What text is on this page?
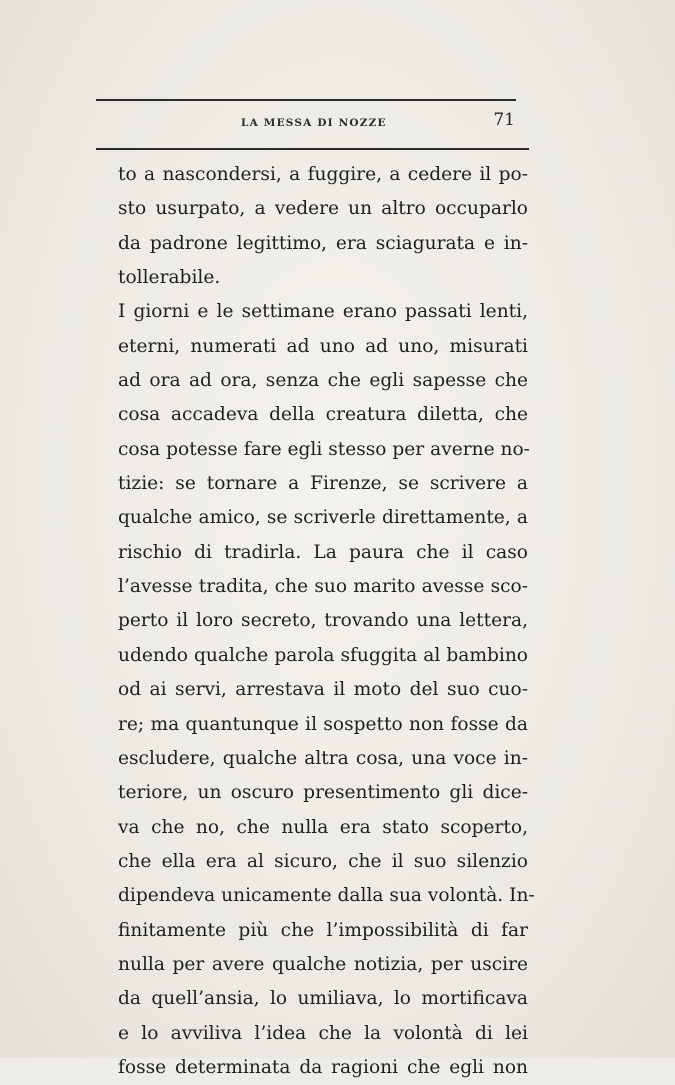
LA MESSA DI NOZZE	71
to a nascondersi, a fuggire, a cedere il po-
sto usurpato, a vedere un altro occuparlo
da padrone legittimo, era sciagurata e in-
tollerabile.
I giorni e le settimane erano passati lenti,
eterni, numerati ad uno ad uno, misurati
ad ora ad ora, senza che egli sapesse che
cosa accadeva della creatura diletta, che
cosa potesse fare egli stesso per averne no-
tizie: se tornare a Firenze, se scrivere a
qualche amico, se scriverle direttamente, a
rischio di tradirla. La paura che il caso
l’avesse tradita, che suo marito avesse sco-
perto il loro secreto, trovando una lettera,
udendo qualche parola sfuggita al bambino
od ai servi, arrestava il moto del suo cuo-
re; ma quantunque il sospetto non fosse da
escludere, qualche altra cosa, una voce in-
teriore, un oscuro presentimento gli dice-
va che no, che nulla era stato scoperto,
che ella era al sicuro, che il suo silenzio
dipendeva unicamente dalla sua volontà. In-
finitamente più che l’impossibilità di far
nulla per avere qualche notizia, per uscire
da quell’ansia, lo umiliava, lo mortificava
e lo avviliva l’idea che la volontà di lei
fosse determinata da ragioni che egli non
